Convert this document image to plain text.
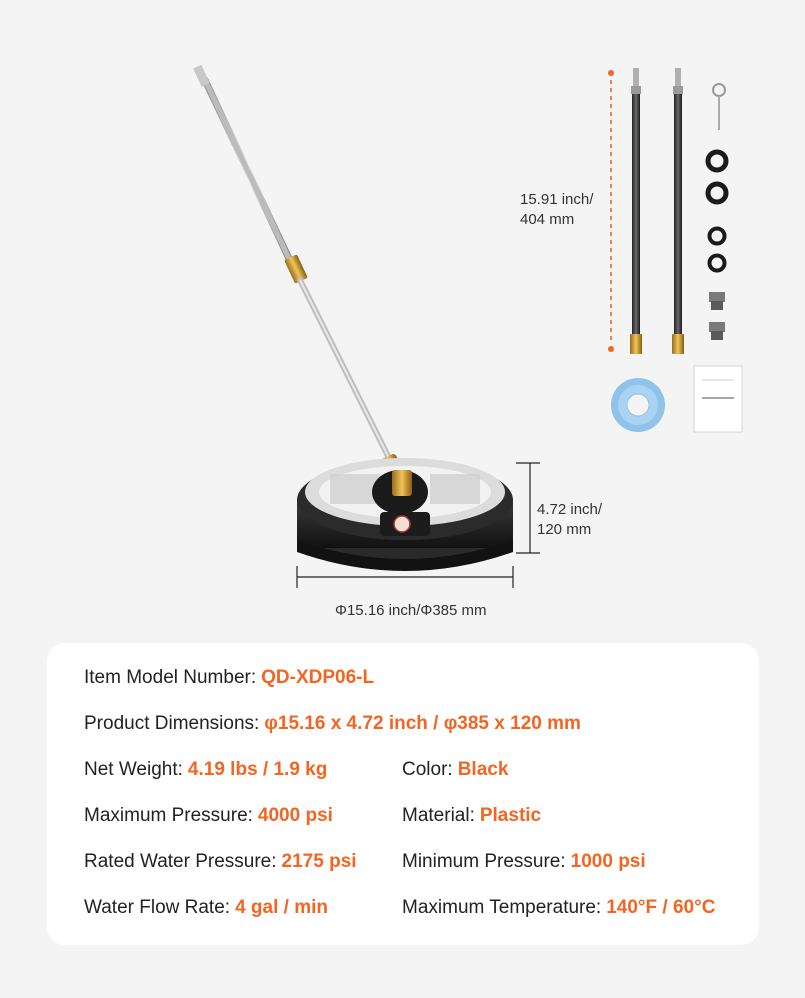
15.91 inch/
404 mm
4.72 inch/
120 mm
Φ15.16 inch/Φ385 mm
Item Model Number: QD-XDP06-L
Product Dimensions: φ15.16 x 4.72 inch / φ385 x 120 mm
Net Weight: 4.19 lbs / 1.9 kg	Color: Black
Maximum Pressure: 4000 psi	Material: Plastic
Rated Water Pressure: 2175 psi Minimum Pressure: 1000 psi
Water Flow Rate: 4 gal / min	Maximum Temperature: 140°F / 60°C
